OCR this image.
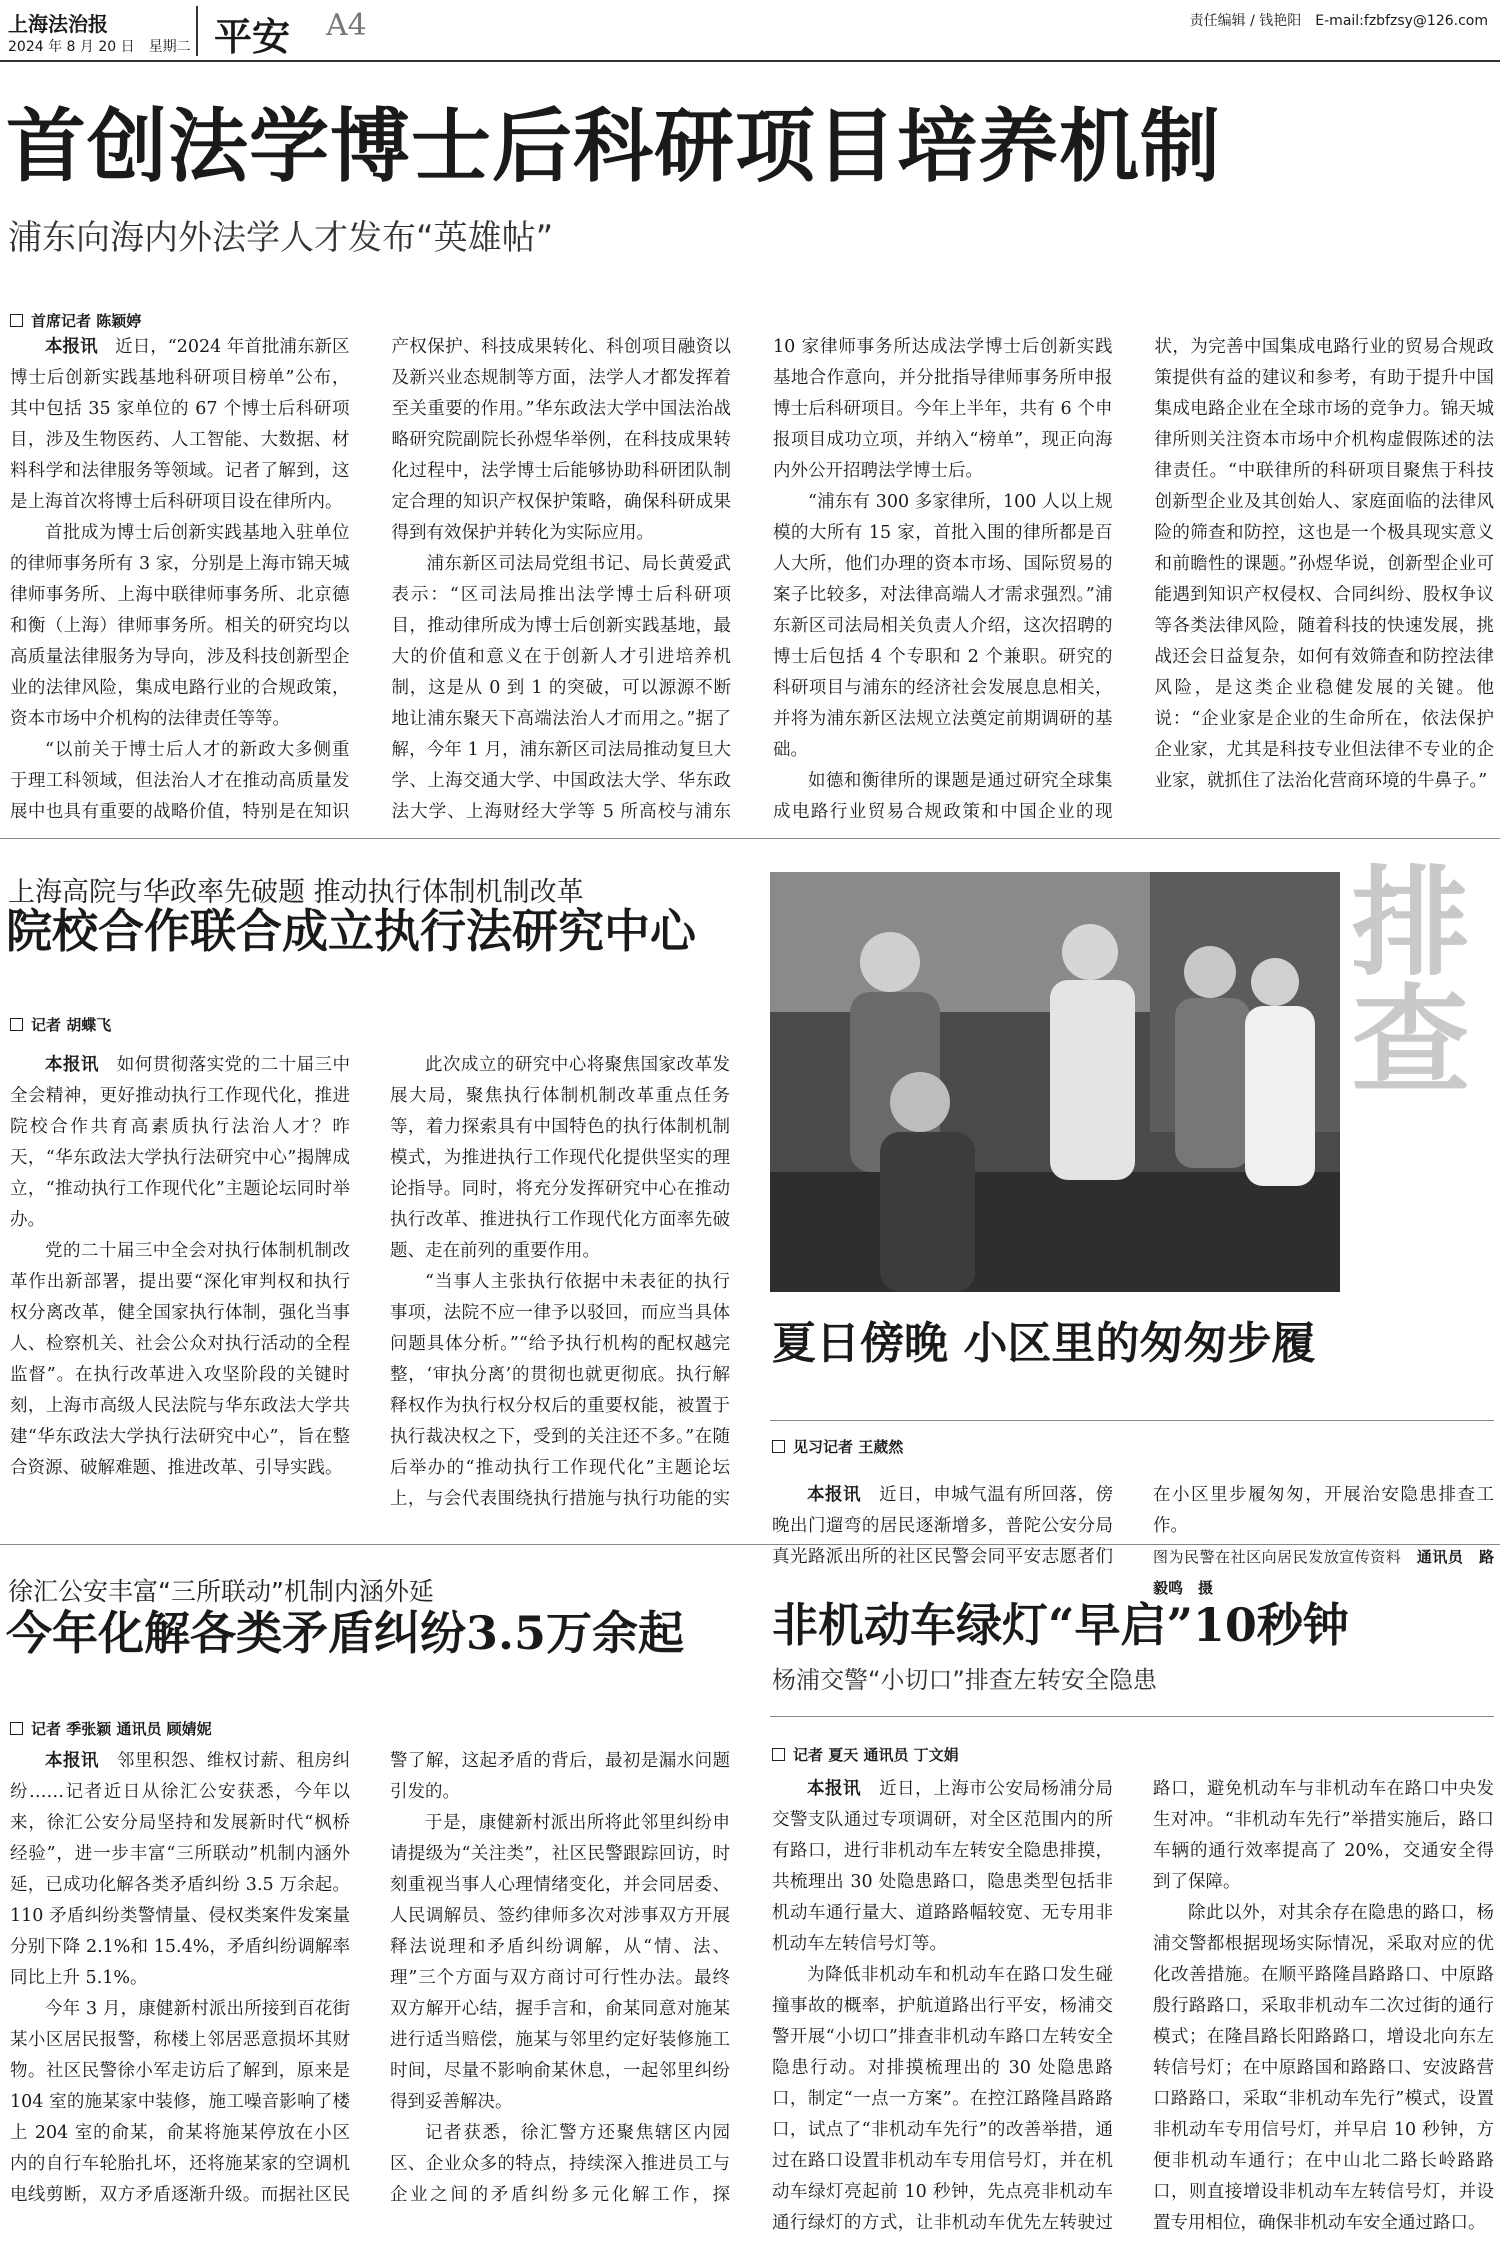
上海法治报
2024 年 8 月 20 日　星期二 平安 A4	责任编辑 / 钱艳阳　E-mail:fzbfzsy@126.com
首创法学博士后科研项目培养机制
浦东向海内外法学人才发布“英雄帖”
首席记者 陈颖婷

本报讯　 近日，“2024 年首批浦东新区博士后创新实践基地科研项目榜单”公布，其中包括 35 家单位的 67 个博士后科研项目，涉及生物医药、人工智能、大数据、材料科学和法律服务等领域。记者了解到，这是上海首次将博士后科研项目设在律所内。

首批成为博士后创新实践基地入驻单位的律师事务所有 3 家，分别是上海市锦天城律师事务所、上海中联律师事务所、北京德和衡（上海）律师事务所。相关的研究均以高质量法律服务为导向，涉及科技创新型企业的法律风险，集成电路行业的合规政策，资本市场中介机构的法律责任等等。

“以前关于博士后人才的新政大多侧重于理工科领域，但法治人才在推动高质量发展中也具有重要的战略价值，特别是在知识产权保护、科技成果转化、科创项目融资以及新兴业态规制等方面，法学人才都发挥着至关重要的作用。”华东政法大学中国法治战略研究院副院长孙煜华举例，在科技成果转化过程中，法学博士后能够协助科研团队制定合理的知识产权保护策略，确保科研成果得到有效保护并转化为实际应用。

浦东新区司法局党组书记、局长黄爱武表示：“区司法局推出法学博士后科研项目，推动律所成为博士后创新实践基地，最大的价值和意义在于创新人才引进培养机制，这是从 0 到 1 的突破，可以源源不断地让浦东聚天下高端法治人才而用之。”据了解，今年 1 月，浦东新区司法局推动复旦大学、上海交通大学、中国政法大学、华东政法大学、上海财经大学等 5 所高校与浦东 10 家律师事务所达成法学博士后创新实践基地合作意向，并分批指导律师事务所申报博士后科研项目。今年上半年，共有 6 个申报项目成功立项，并纳入“榜单”，现正向海内外公开招聘法学博士后。

“浦东有 300 多家律所，100 人以上规模的大所有 15 家，首批入围的律所都是百人大所，他们办理的资本市场、国际贸易的案子比较多，对法律高端人才需求强烈。”浦东新区司法局相关负责人介绍，这次招聘的博士后包括 4 个专职和 2 个兼职。研究的科研项目与浦东的经济社会发展息息相关，并将为浦东新区法规立法奠定前期调研的基础。

如德和衡律所的课题是通过研究全球集成电路行业贸易合规政策和中国企业的现状，为完善中国集成电路行业的贸易合规政策提供有益的建议和参考，有助于提升中国集成电路企业在全球市场的竞争力。锦天城律所则关注资本市场中介机构虚假陈述的法律责任。“中联律所的科研项目聚焦于科技创新型企业及其创始人、家庭面临的法律风险的筛查和防控，这也是一个极具现实意义和前瞻性的课题。”孙煜华说，创新型企业可能遇到知识产权侵权、合同纠纷、股权争议等各类法律风险，随着科技的快速发展，挑战还会日益复杂，如何有效筛查和防控法律风险，是这类企业稳健发展的关键。他说：“企业家是企业的生命所在，依法保护企业家，尤其是科技专业但法律不专业的企业家，就抓住了法治化营商环境的牛鼻子。”

上海高院与华政率先破题 推动执行体制机制改革
院校合作联合成立执行法研究中心
记者 胡蝶飞

本报讯　 如何贯彻落实党的二十届三中全会精神，更好推动执行工作现代化，推进院校合作共育高素质执行法治人才？昨天，“华东政法大学执行法研究中心”揭牌成立，“推动执行工作现代化”主题论坛同时举办。

党的二十届三中全会对执行体制机制改革作出新部署，提出要“深化审判权和执行权分离改革，健全国家执行体制，强化当事人、检察机关、社会公众对执行活动的全程监督”。在执行改革进入攻坚阶段的关键时刻，上海市高级人民法院与华东政法大学共建“华东政法大学执行法研究中心”，旨在整合资源、破解难题、推进改革、引导实践。

此次成立的研究中心将聚焦国家改革发展大局，聚焦执行体制机制改革重点任务等，着力探索具有中国特色的执行体制机制模式，为推进执行工作现代化提供坚实的理论指导。同时，将充分发挥研究中心在推动执行改革、推进执行工作现代化方面率先破题、走在前列的重要作用。

“当事人主张执行依据中未表征的执行事项，法院不应一律予以驳回，而应当具体问题具体分析。”“给予执行机构的配权越完整，‘审执分离’的贯彻也就更彻底。执行解释权作为执行权分权后的重要权能，被置于执行裁决权之下，受到的关注还不多。”在随后举办的“推动执行工作现代化”主题论坛上，与会代表围绕执行措施与执行功能的实

排查
夏日傍晚 小区里的匆匆步履
见习记者 王葳然

本报讯　 近日，申城气温有所回落，傍晚出门遛弯的居民逐渐增多，普陀公安分局真光路派出所的社区民警会同平安志愿者们在小区里步履匆匆，开展治安隐患排查工作。

图为民警在社区向居民发放宣传资料　 通讯员　路毅鸣　摄

徐汇公安丰富“三所联动”机制内涵外延
今年化解各类矛盾纠纷3.5万余起
记者 季张颖 通讯员 顾婧妮

本报讯　 邻里积怨、维权讨薪、租房纠纷……记者近日从徐汇公安获悉，今年以来，徐汇公安分局坚持和发展新时代“枫桥经验”，进一步丰富“三所联动”机制内涵外延，已成功化解各类矛盾纠纷 3.5 万余起。110 矛盾纠纷类警情量、侵权类案件发案量分别下降 2.1%和 15.4%，矛盾纠纷调解率同比上升 5.1%。

今年 3 月，康健新村派出所接到百花街某小区居民报警，称楼上邻居恶意损坏其财物。社区民警徐小军走访后了解到，原来是 104 室的施某家中装修，施工噪音影响了楼上 204 室的俞某，俞某将施某停放在小区内的自行车轮胎扎坏，还将施某家的空调机电线剪断，双方矛盾逐渐升级。而据社区民警了解，这起矛盾的背后，最初是漏水问题引发的。

于是，康健新村派出所将此邻里纠纷申请提级为“关注类”，社区民警跟踪回访，时刻重视当事人心理情绪变化，并会同居委、人民调解员、签约律师多次对涉事双方开展释法说理和矛盾纠纷调解，从“情、法、理”三个方面与双方商讨可行性办法。最终双方解开心结，握手言和，俞某同意对施某进行适当赔偿，施某与邻里约定好装修施工时间，尽量不影响俞某休息，一起邻里纠纷得到妥善解决。

记者获悉，徐汇警方还聚焦辖区内园区、企业众多的特点，持续深入推进员工与企业之间的矛盾纠纷多元化解工作，探

非机动车绿灯“早启”10秒钟
杨浦交警“小切口”排查左转安全隐患
记者 夏天 通讯员 丁文娟

本报讯　 近日，上海市公安局杨浦分局交警支队通过专项调研，对全区范围内的所有路口，进行非机动车左转安全隐患排摸，共梳理出 30 处隐患路口，隐患类型包括非机动车通行量大、道路路幅较宽、无专用非机动车左转信号灯等。

为降低非机动车和机动车在路口发生碰撞事故的概率，护航道路出行平安，杨浦交警开展“小切口”排查非机动车路口左转安全隐患行动。对排摸梳理出的 30 处隐患路口，制定“一点一方案”。在控江路隆昌路路口，试点了“非机动车先行”的改善举措，通过在路口设置非机动车专用信号灯，并在机动车绿灯亮起前 10 秒钟，先点亮非机动车通行绿灯的方式，让非机动车优先左转驶过路口，避免机动车与非机动车在路口中央发生对冲。“非机动车先行”举措实施后，路口车辆的通行效率提高了 20%，交通安全得到了保障。

除此以外，对其余存在隐患的路口，杨浦交警都根据现场实际情况，采取对应的优化改善措施。在顺平路隆昌路路口、中原路殷行路路口，采取非机动车二次过街的通行模式；在隆昌路长阳路路口，增设北向东左转信号灯；在中原路国和路路口、安波路营口路路口，采取“非机动车先行”模式，设置非机动车专用信号灯，并早启 10 秒钟，方便非机动车通行；在中山北二路长岭路路口，则直接增设非机动车左转信号灯，并设置专用相位，确保非机动车安全通过路口。
